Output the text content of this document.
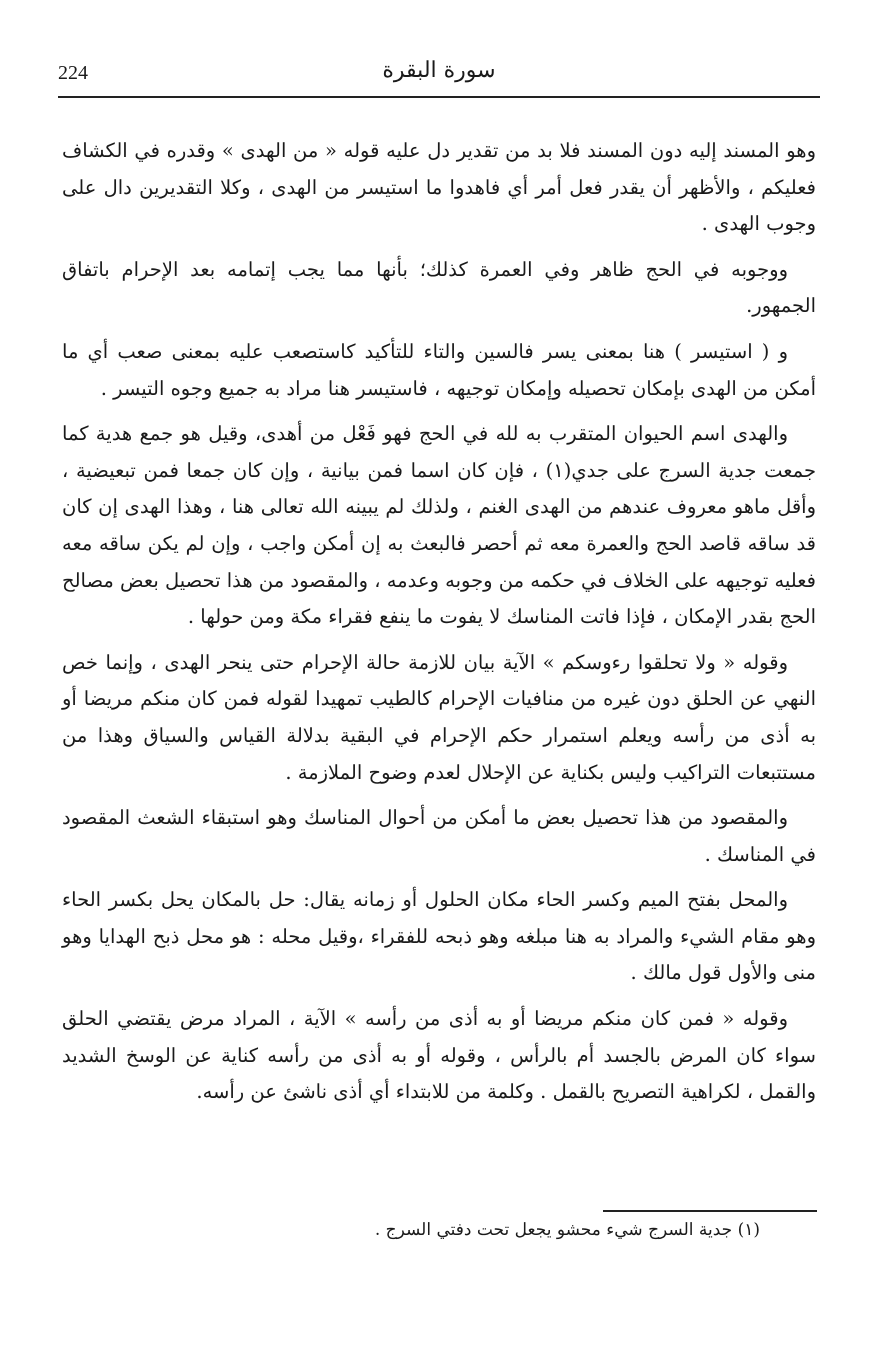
224	سورة البقرة

وهو المسند إليه دون المسند فلا بد من تقدير دل عليه قوله « من الهدى » وقدره في الكشاف فعليكم ، والأظهر أن يقدر فعل أمر أي فاهدوا ما استيسر من الهدى ، وكلا التقديرين دال على وجوب الهدى .

ووجوبه في الحج ظاهر وفي العمرة كذلك؛ بأنها مما يجب إتمامه بعد الإحرام باتفاق الجمهور.

و ( استيسر ) هنا بمعنى يسر فالسين والتاء للتأكيد كاستصعب عليه بمعنى صعب أي ما أمكن من الهدى بإمكان تحصيله وإمكان توجيهه ، فاستيسر هنا مراد به جميع وجوه التيسر .

والهدى اسم الحيوان المتقرب به لله في الحج فهو فَعْل من أهدى، وقيل هو جمع هدية كما جمعت جدية السرج على جدي(١) ، فإن كان اسما فمن بيانية ، وإن كان جمعا فمن تبعيضية ، وأقل ماهو معروف عندهم من الهدى الغنم ، ولذلك لم يبينه الله تعالى هنا ، وهذا الهدى إن كان قد ساقه قاصد الحج والعمرة معه ثم أحصر فالبعث به إن أمكن واجب ، وإن لم يكن ساقه معه فعليه توجيهه على الخلاف في حكمه من وجوبه وعدمه ، والمقصود من هذا تحصيل بعض مصالح الحج بقدر الإمكان ، فإذا فاتت المناسك لا يفوت ما ينفع فقراء مكة ومن حولها .

وقوله « ولا تحلقوا رءوسكم » الآية بيان للازمة حالة الإحرام حتى ينحر الهدى ، وإنما خص النهي عن الحلق دون غيره من منافيات الإحرام كالطيب تمهيدا لقوله فمن كان منكم مريضا أو به أذى من رأسه ويعلم استمرار حكم الإحرام في البقية بدلالة القياس والسياق وهذا من مستتبعات التراكيب وليس بكناية عن الإحلال لعدم وضوح الملازمة .

والمقصود من هذا تحصيل بعض ما أمكن من أحوال المناسك وهو استبقاء الشعث المقصود في المناسك .

والمحل بفتح الميم وكسر الحاء مكان الحلول أو زمانه يقال: حل بالمكان يحل بكسر الحاء وهو مقام الشيء والمراد به هنا مبلغه وهو ذبحه للفقراء ،وقيل محله : هو محل ذبح الهدايا وهو منى والأول قول مالك .

وقوله « فمن كان منكم مريضا أو به أذى من رأسه » الآية ، المراد مرض يقتضي الحلق سواء كان المرض بالجسد أم بالرأس ، وقوله أو به أذى من رأسه كناية عن الوسخ الشديد والقمل ، لكراهية التصريح بالقمل . وكلمة من للابتداء أي أذى ناشئ عن رأسه.

(١) جدية السرج شيء محشو يجعل تحت دفتي السرج .
